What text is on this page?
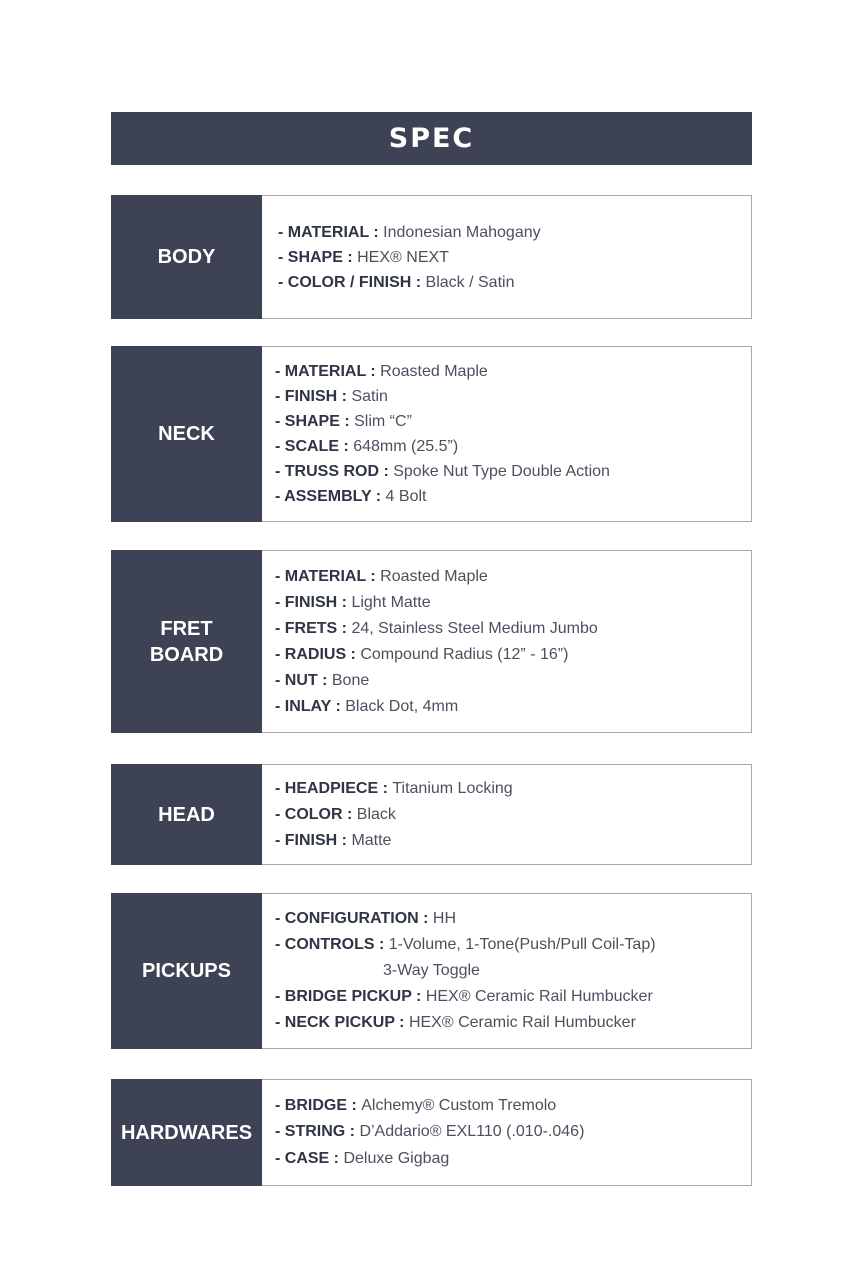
SPEC
BODY
- MATERIAL : Indonesian Mahogany
- SHAPE : HEX® NEXT
- COLOR / FINISH : Black / Satin
NECK
- MATERIAL : Roasted Maple
- FINISH : Satin
- SHAPE : Slim “C”
- SCALE : 648mm (25.5”)
- TRUSS ROD : Spoke Nut Type Double Action
- ASSEMBLY : 4 Bolt
FRET
BOARD
- MATERIAL : Roasted Maple
- FINISH : Light Matte
- FRETS : 24, Stainless Steel Medium Jumbo
- RADIUS : Compound Radius (12” - 16”)
- NUT : Bone
- INLAY : Black Dot, 4mm
HEAD
- HEADPIECE : Titanium Locking
- COLOR : Black
- FINISH : Matte
PICKUPS
- CONFIGURATION : HH
- CONTROLS : 1-Volume, 1-Tone(Push/Pull Coil-Tap)
3-Way Toggle
- BRIDGE PICKUP : HEX® Ceramic Rail Humbucker
- NECK PICKUP : HEX® Ceramic Rail Humbucker
HARDWARES
- BRIDGE : Alchemy® Custom Tremolo
- STRING : D’Addario® EXL110 (.010-.046)
- CASE : Deluxe Gigbag
